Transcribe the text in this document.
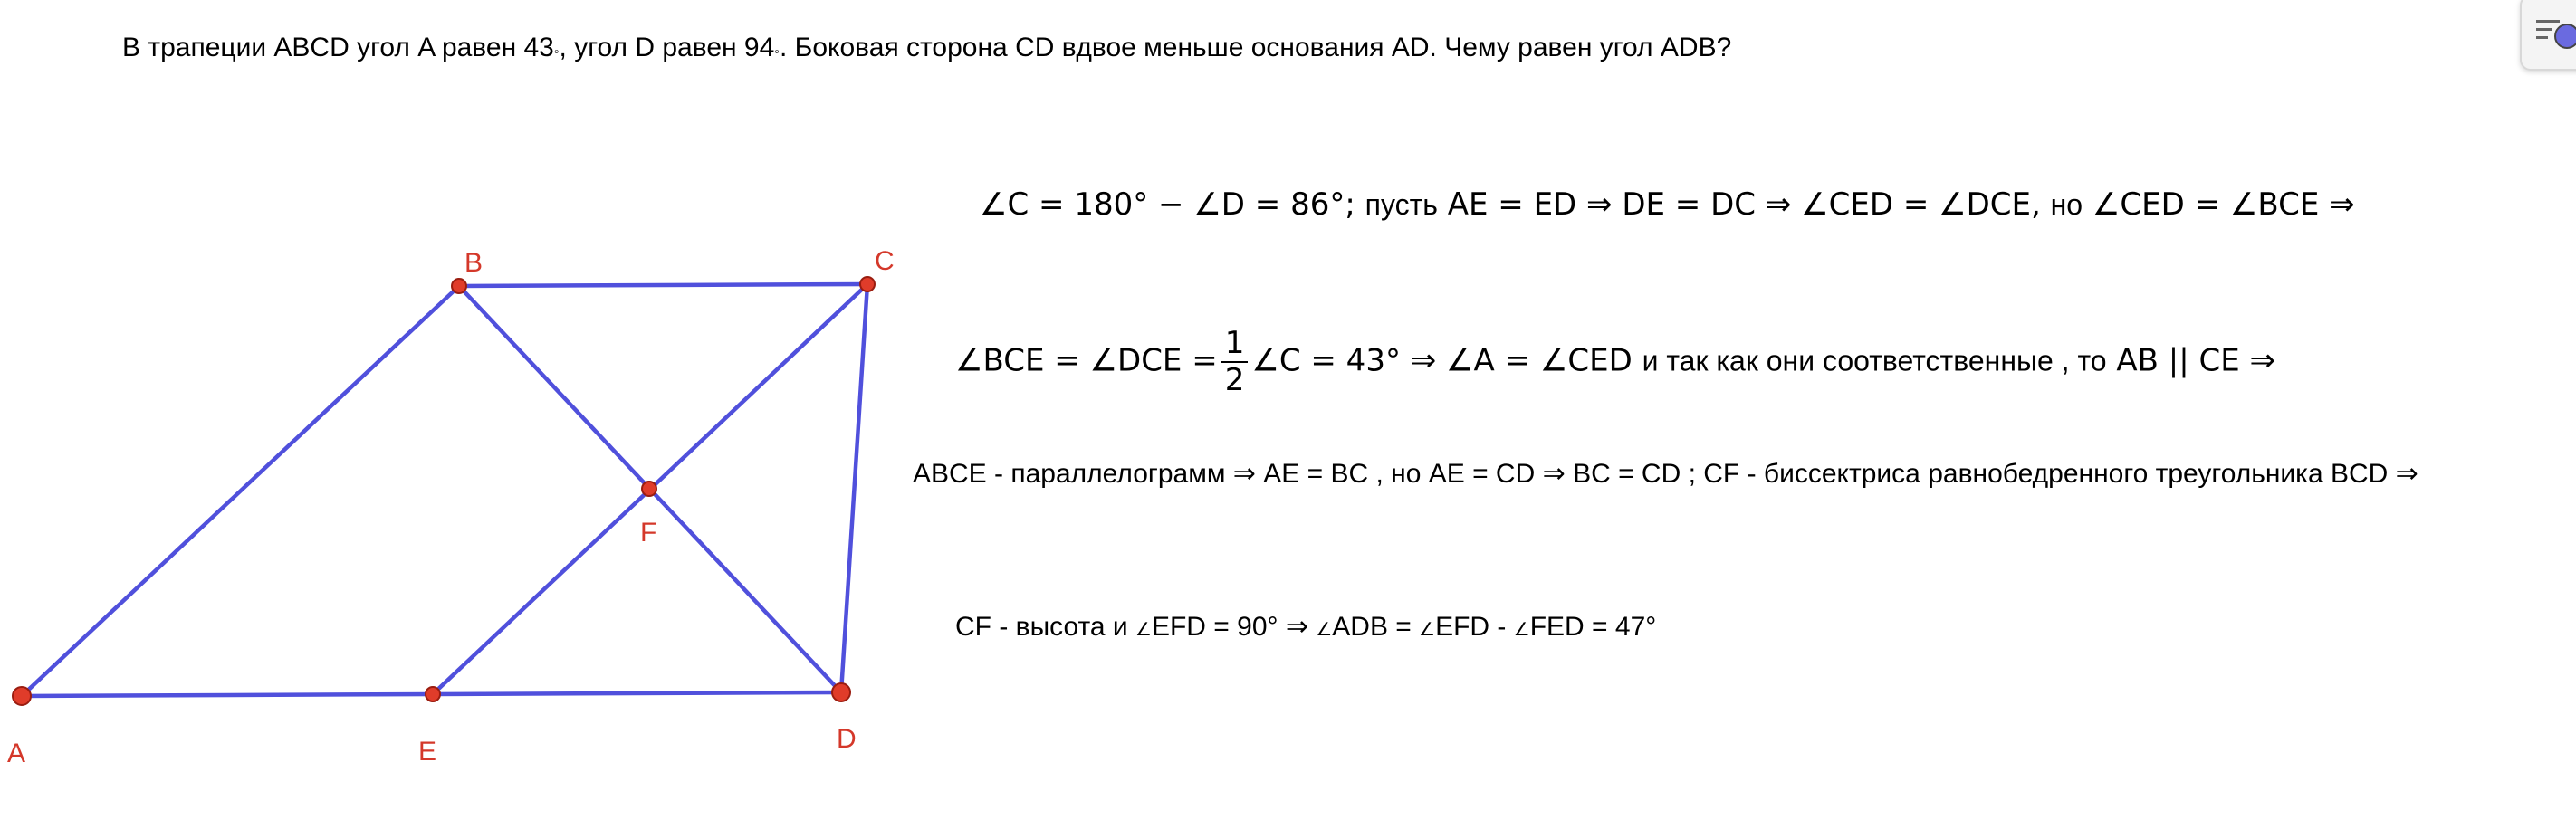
В трапеции ABCD угол A равен 43◦, угол D равен 94◦. Боковая сторона CD вдвое меньше основания AD. Чему равен угол ADB?
A
B	C
D
E
F
∠C = 180° − ∠D = 86°; пусть AE = ED ⇒ DE = DC ⇒ ∠CED = ∠DCE, но ∠CED = ∠BCE ⇒
∠BCE = ∠DCE = $\frac{1}{2}$ ∠C = 43° ⇒ ∠A = ∠CED и так как они соответственные , то AB || CE ⇒
ABCE - параллелограмм ⇒ AE = BC , но AE = CD ⇒ BC = CD ; CF - биссектриса равнобедренного треугольника BCD ⇒
CF - высота и ∠EFD = 90° ⇒ ∠ADB = ∠EFD - ∠FED = 47°
